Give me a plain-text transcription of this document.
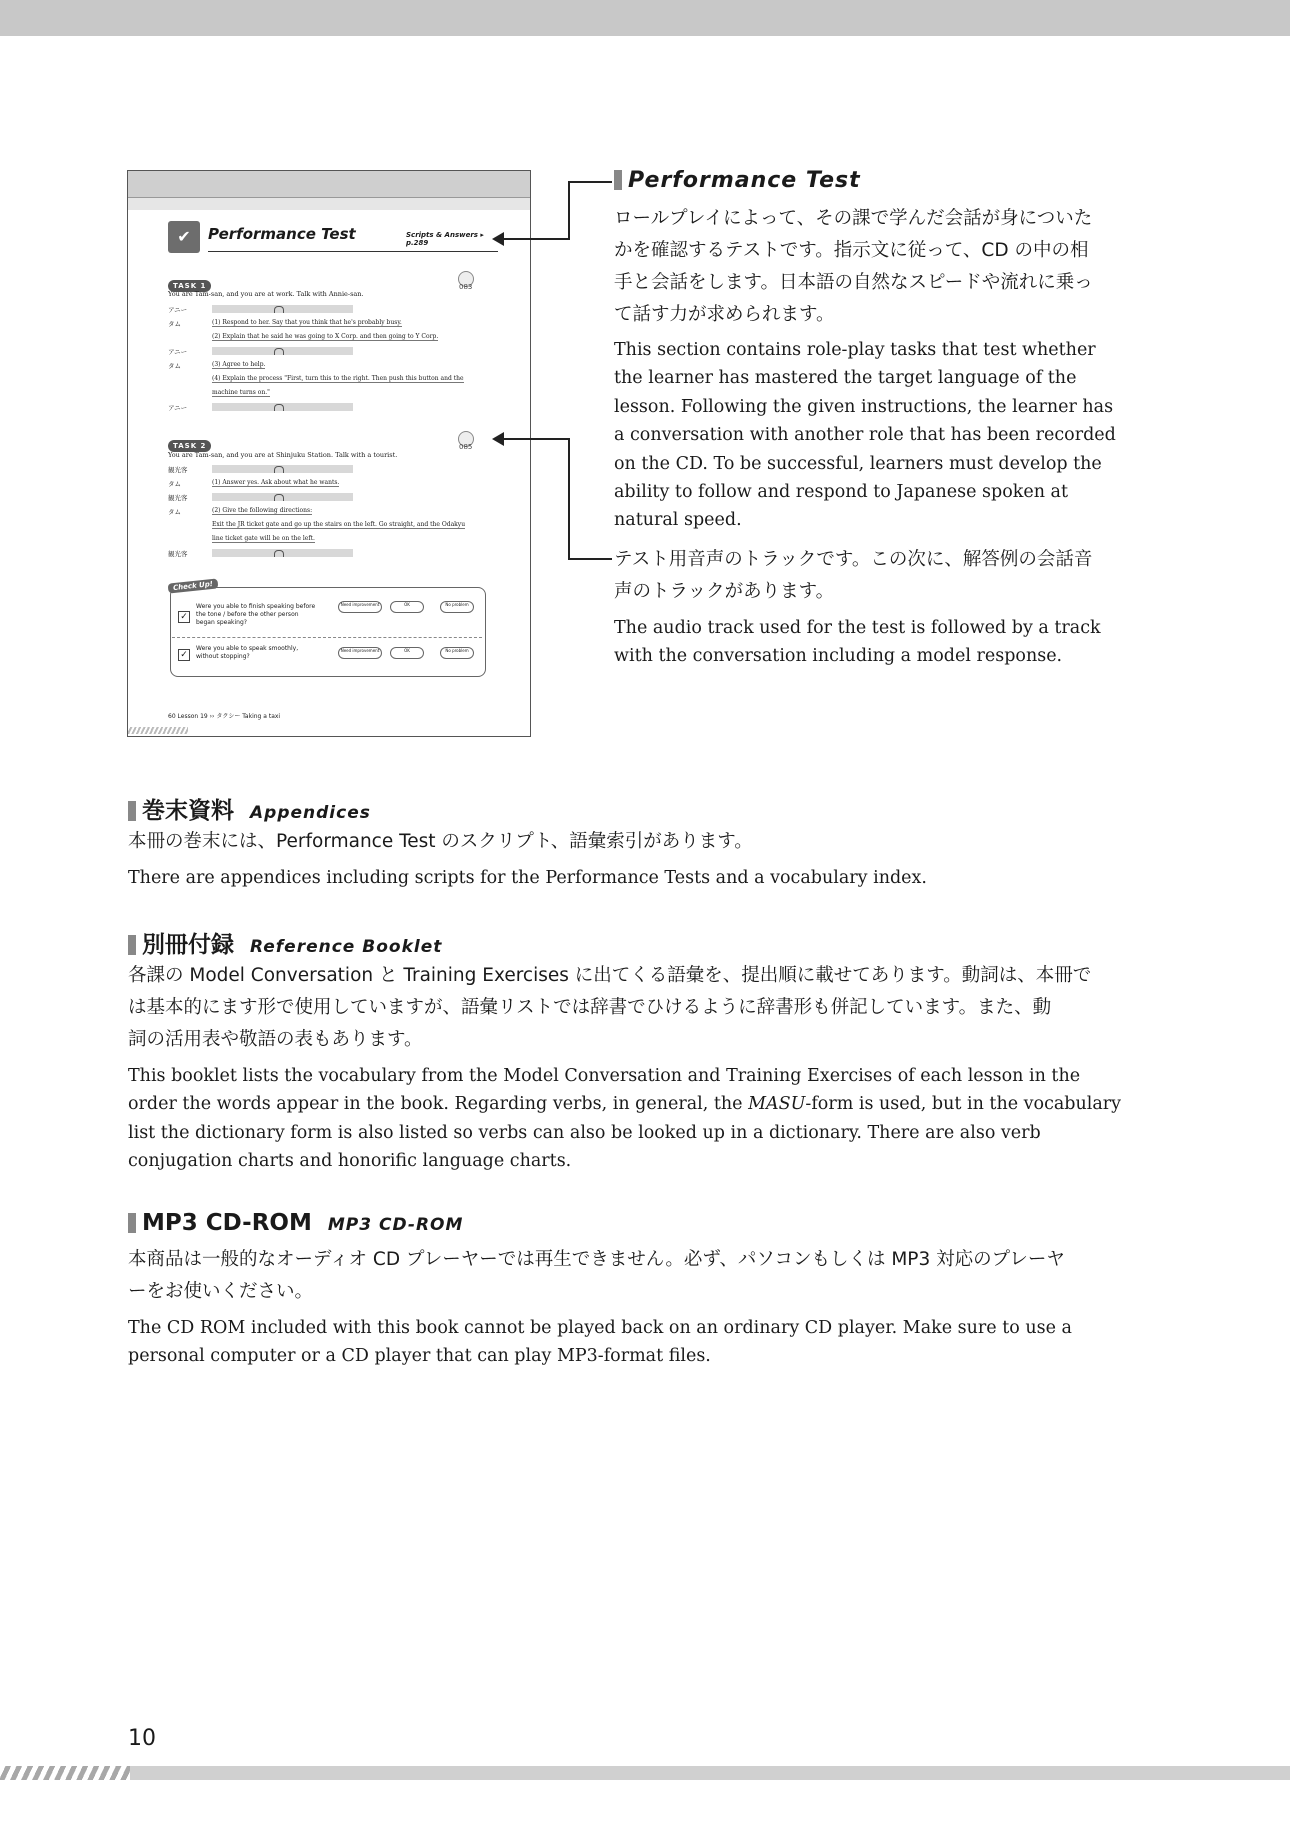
✔	Performance Test	Scripts & Answers ▸ p.289
TASK 1	083
You are Tam-san, and you are at work. Talk with Annie-san.
アニー
タム	(1) Respond to her. Say that you think that he's probably busy.
(2) Explain that he said he was going to X Corp. and then going to Y Corp.
アニー
タム	(3) Agree to help.
(4) Explain the process "First, turn this to the right. Then push this button and the
machine turns on."
アニー
TASK 2	085
You are Tam-san, and you are at Shinjuku Station. Talk with a tourist.
観光客
タム	(1) Answer yes. Ask about what he wants.
観光客
タム	(2) Give the following directions:
Exit the JR ticket gate and go up the stairs on the left. Go straight, and the Odakyu
line ticket gate will be on the left.
観光客
Check Up!
✓
Were you able to finish speaking before the tone / before the other person began speaking?
✓
Were you able to speak smoothly, without stopping?
Need improvement	OK	No problem
Need improvement	OK	No problem
60 Lesson 19 ›› タクシー Taking a taxi
Performance Test
ロールプレイによって、その課で学んだ会話が身についた
かを確認するテストです。指示文に従って、CD の中の相
手と会話をします。日本語の自然なスピードや流れに乗っ
て話す力が求められます。
This section contains role-play tasks that test whether
the learner has mastered the target language of the
lesson. Following the given instructions, the learner has
a conversation with another role that has been recorded
on the CD. To be successful, learners must develop the
ability to follow and respond to Japanese spoken at
natural speed.
テスト用音声のトラックです。この次に、解答例の会話音
声のトラックがあります。
The audio track used for the test is followed by a track
with the conversation including a model response.
巻末資料 Appendices
本冊の巻末には、Performance Test のスクリプト、語彙索引があります。
There are appendices including scripts for the Performance Tests and a vocabulary index.
別冊付録 Reference Booklet
各課の Model Conversation と Training Exercises に出てくる語彙を、提出順に載せてあります。動詞は、本冊で
は基本的にます形で使用していますが、語彙リストでは辞書でひけるように辞書形も併記しています。また、動
詞の活用表や敬語の表もあります。
This booklet lists the vocabulary from the Model Conversation and Training Exercises of each lesson in the
order the words appear in the book. Regarding verbs, in general, the MASU-form is used, but in the vocabulary
list the dictionary form is also listed so verbs can also be looked up in a dictionary. There are also verb
conjugation charts and honorific language charts.
MP3 CD-ROM MP3 CD-ROM
本商品は一般的なオーディオ CD プレーヤーでは再生できません。必ず、パソコンもしくは MP3 対応のプレーヤ
ーをお使いください。
The CD ROM included with this book cannot be played back on an ordinary CD player. Make sure to use a
personal computer or a CD player that can play MP3-format files.
10
